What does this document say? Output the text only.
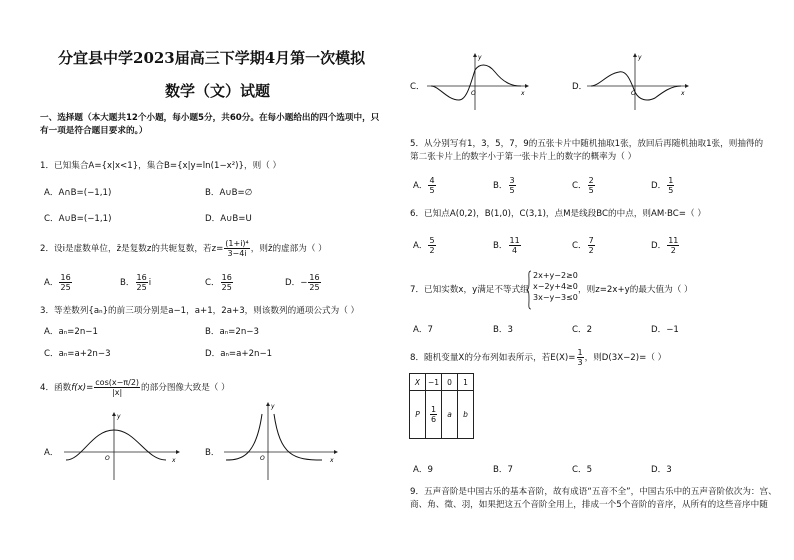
分宜县中学2023届高三下学期4月第一次模拟
数学（文）试题
一、选择题（本大题共12个小题，每小题5分，共60分。在每小题给出的四个选项中，只有一项是符合题目要求的。）
1．已知集合A={x|x<1}，集合B={x|y=ln(1−x²)}，则（ ）
A．A∩B=(−1,1)	B．A∪B=∅
C．A∪B=(−1,1)	D．A∪B=U
2．设i是虚数单位，z̄是复数z的共轭复数，若$z= \frac{\text{(1+i)⁴}}{3-4i}$ ，则z̄的虚部为（ ）
A． $\frac{16}{25}$	B． $\frac{16}{25}$ i	C． $\frac{16}{25}$	D．− $\frac{16}{25}$
3．等差数列{aₙ}的前三项分别是a−1，a+1，2a+3，则该数列的通项公式为（ ）
A．aₙ=2n−1	B．aₙ=2n−3
C．aₙ=a+2n−3	D．aₙ=a+2n−1
4．函数$f(x)= \frac{\cos(x-\pi/2)}{|x|}$ 的部分图像大致是（ ）
A．
x
y
O
B．
x
y
O
C．
x
y
O
D．
x
y
O
5．从分别写有1，3，5，7，9的五张卡片中随机抽取1张，放回后再随机抽取1张，则抽得的
第二张卡片上的数字小于第一张卡片上的数字的概率为（ ）
A． $\frac{4}{5}$	B． $\frac{3}{5}$	C． $\frac{2}{5}$	D． $\frac{1}{5}$
6．已知点A(0,2)，B(1,0)，C(3,1)，点M是线段BC的中点，则AM·BC=（ ）
A． $\frac{5}{2}$	B． $\frac{11}{4}$	C． $\frac{7}{2}$	D． $\frac{11}{2}$
7．已知实数x，y满足不等式组
2x+y−2≥0
x−2y+4≥0
3x−y−3≤0
，则z=2x+y的最大值为（ ）
A．7	B．3	C．2	D．−1
8．随机变量X的分布列如表所示，若$E(X)= \frac{1}{3}$ ，则D(3X−2)=（ ）
X	−1	0	1
P	$\frac{1}{6}$	a	b
A．9	B．7	C．5	D．3
9．五声音阶是中国古乐的基本音阶，故有成语“五音不全”，中国古乐中的五声音阶依次为：宫、
商、角、徵、羽，如果把这五个音阶全用上，排成一个5个音阶的音序，从所有的这些音序中随
